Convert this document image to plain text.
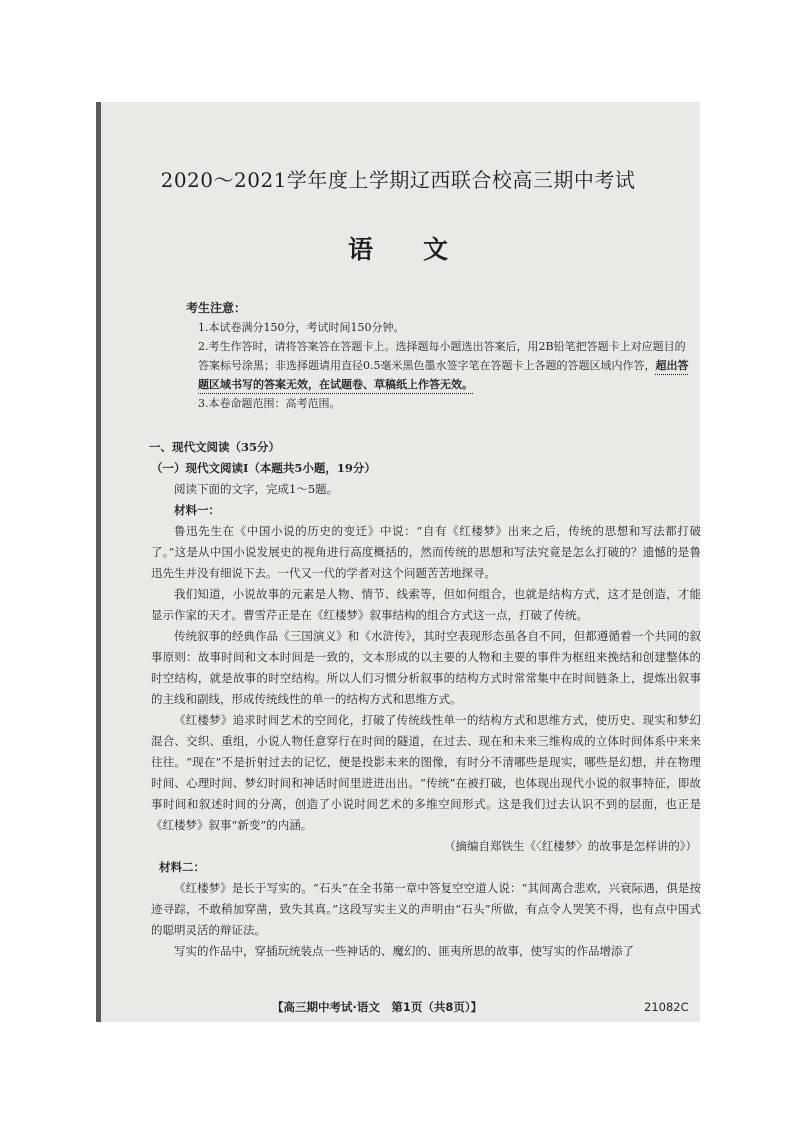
2020～2021学年度上学期辽西联合校高三期中考试
语文

考生注意：

1.本试卷满分150分，考试时间150分钟。

2.考生作答时，请将答案答在答题卡上。选择题每小题选出答案后，用2B铅笔把答题卡上对应题目的答案标号涂黑；非选择题请用直径0.5毫米黑色墨水签字笔在答题卡上各题的答题区域内作答，超出答题区域书写的答案无效，在试题卷、草稿纸上作答无效。

3.本卷命题范围：高考范围。

一、现代文阅读（35分）

（一）现代文阅读Ⅰ（本题共5小题，19分）

阅读下面的文字，完成1～5题。

材料一：

鲁迅先生在《中国小说的历史的变迁》中说：“自有《红楼梦》出来之后，传统的思想和写法都打破了。”这是从中国小说发展史的视角进行高度概括的，然而传统的思想和写法究竟是怎么打破的？遗憾的是鲁迅先生并没有细说下去。一代又一代的学者对这个问题苦苦地探寻。

我们知道，小说故事的元素是人物、情节、线索等，但如何组合，也就是结构方式，这才是创造，才能显示作家的天才。曹雪芹正是在《红楼梦》叙事结构的组合方式这一点，打破了传统。

传统叙事的经典作品《三国演义》和《水浒传》，其时空表现形态虽各自不同，但都遵循着一个共同的叙事原则：故事时间和文本时间是一致的，文本形成的以主要的人物和主要的事件为框纽来挽结和创建整体的时空结构，就是故事的时空结构。所以人们习惯分析叙事的结构方式时常常集中在时间链条上，提炼出叙事的主线和副线，形成传统线性的单一的结构方式和思维方式。

《红楼梦》追求时间艺术的空间化，打破了传统线性单一的结构方式和思维方式，使历史、现实和梦幻混合、交织、重组，小说人物任意穿行在时间的隧道，在过去、现在和未来三维构成的立体时间体系中来来往往。“现在”不是折射过去的记忆，便是投影未来的图像，有时分不清哪些是现实，哪些是幻想，并在物理时间、心理时间、梦幻时间和神话时间里进进出出。“传统”在被打破，也体现出现代小说的叙事特征，即故事时间和叙述时间的分离，创造了小说时间艺术的多维空间形式。这是我们过去认识不到的层面，也正是《红楼梦》叙事“新变”的内涵。

（摘编自郑铁生《〈红楼梦〉的故事是怎样讲的》）

材料二：

《红楼梦》是长于写实的。“石头”在全书第一章中答复空空道人说：“其间离合悲欢，兴衰际遇，俱是按迹寻踪，不敢稍加穿凿，致失其真。”这段写实主义的声明由“石头”所做，有点令人哭笑不得，也有点中国式的聪明灵活的辩证法。

写实的作品中，穿插玩统装点一些神话的、魔幻的、匪夷所思的故事，使写实的作品增添了

【高三期中考试·语文　第1页（共8页）】	21082C
